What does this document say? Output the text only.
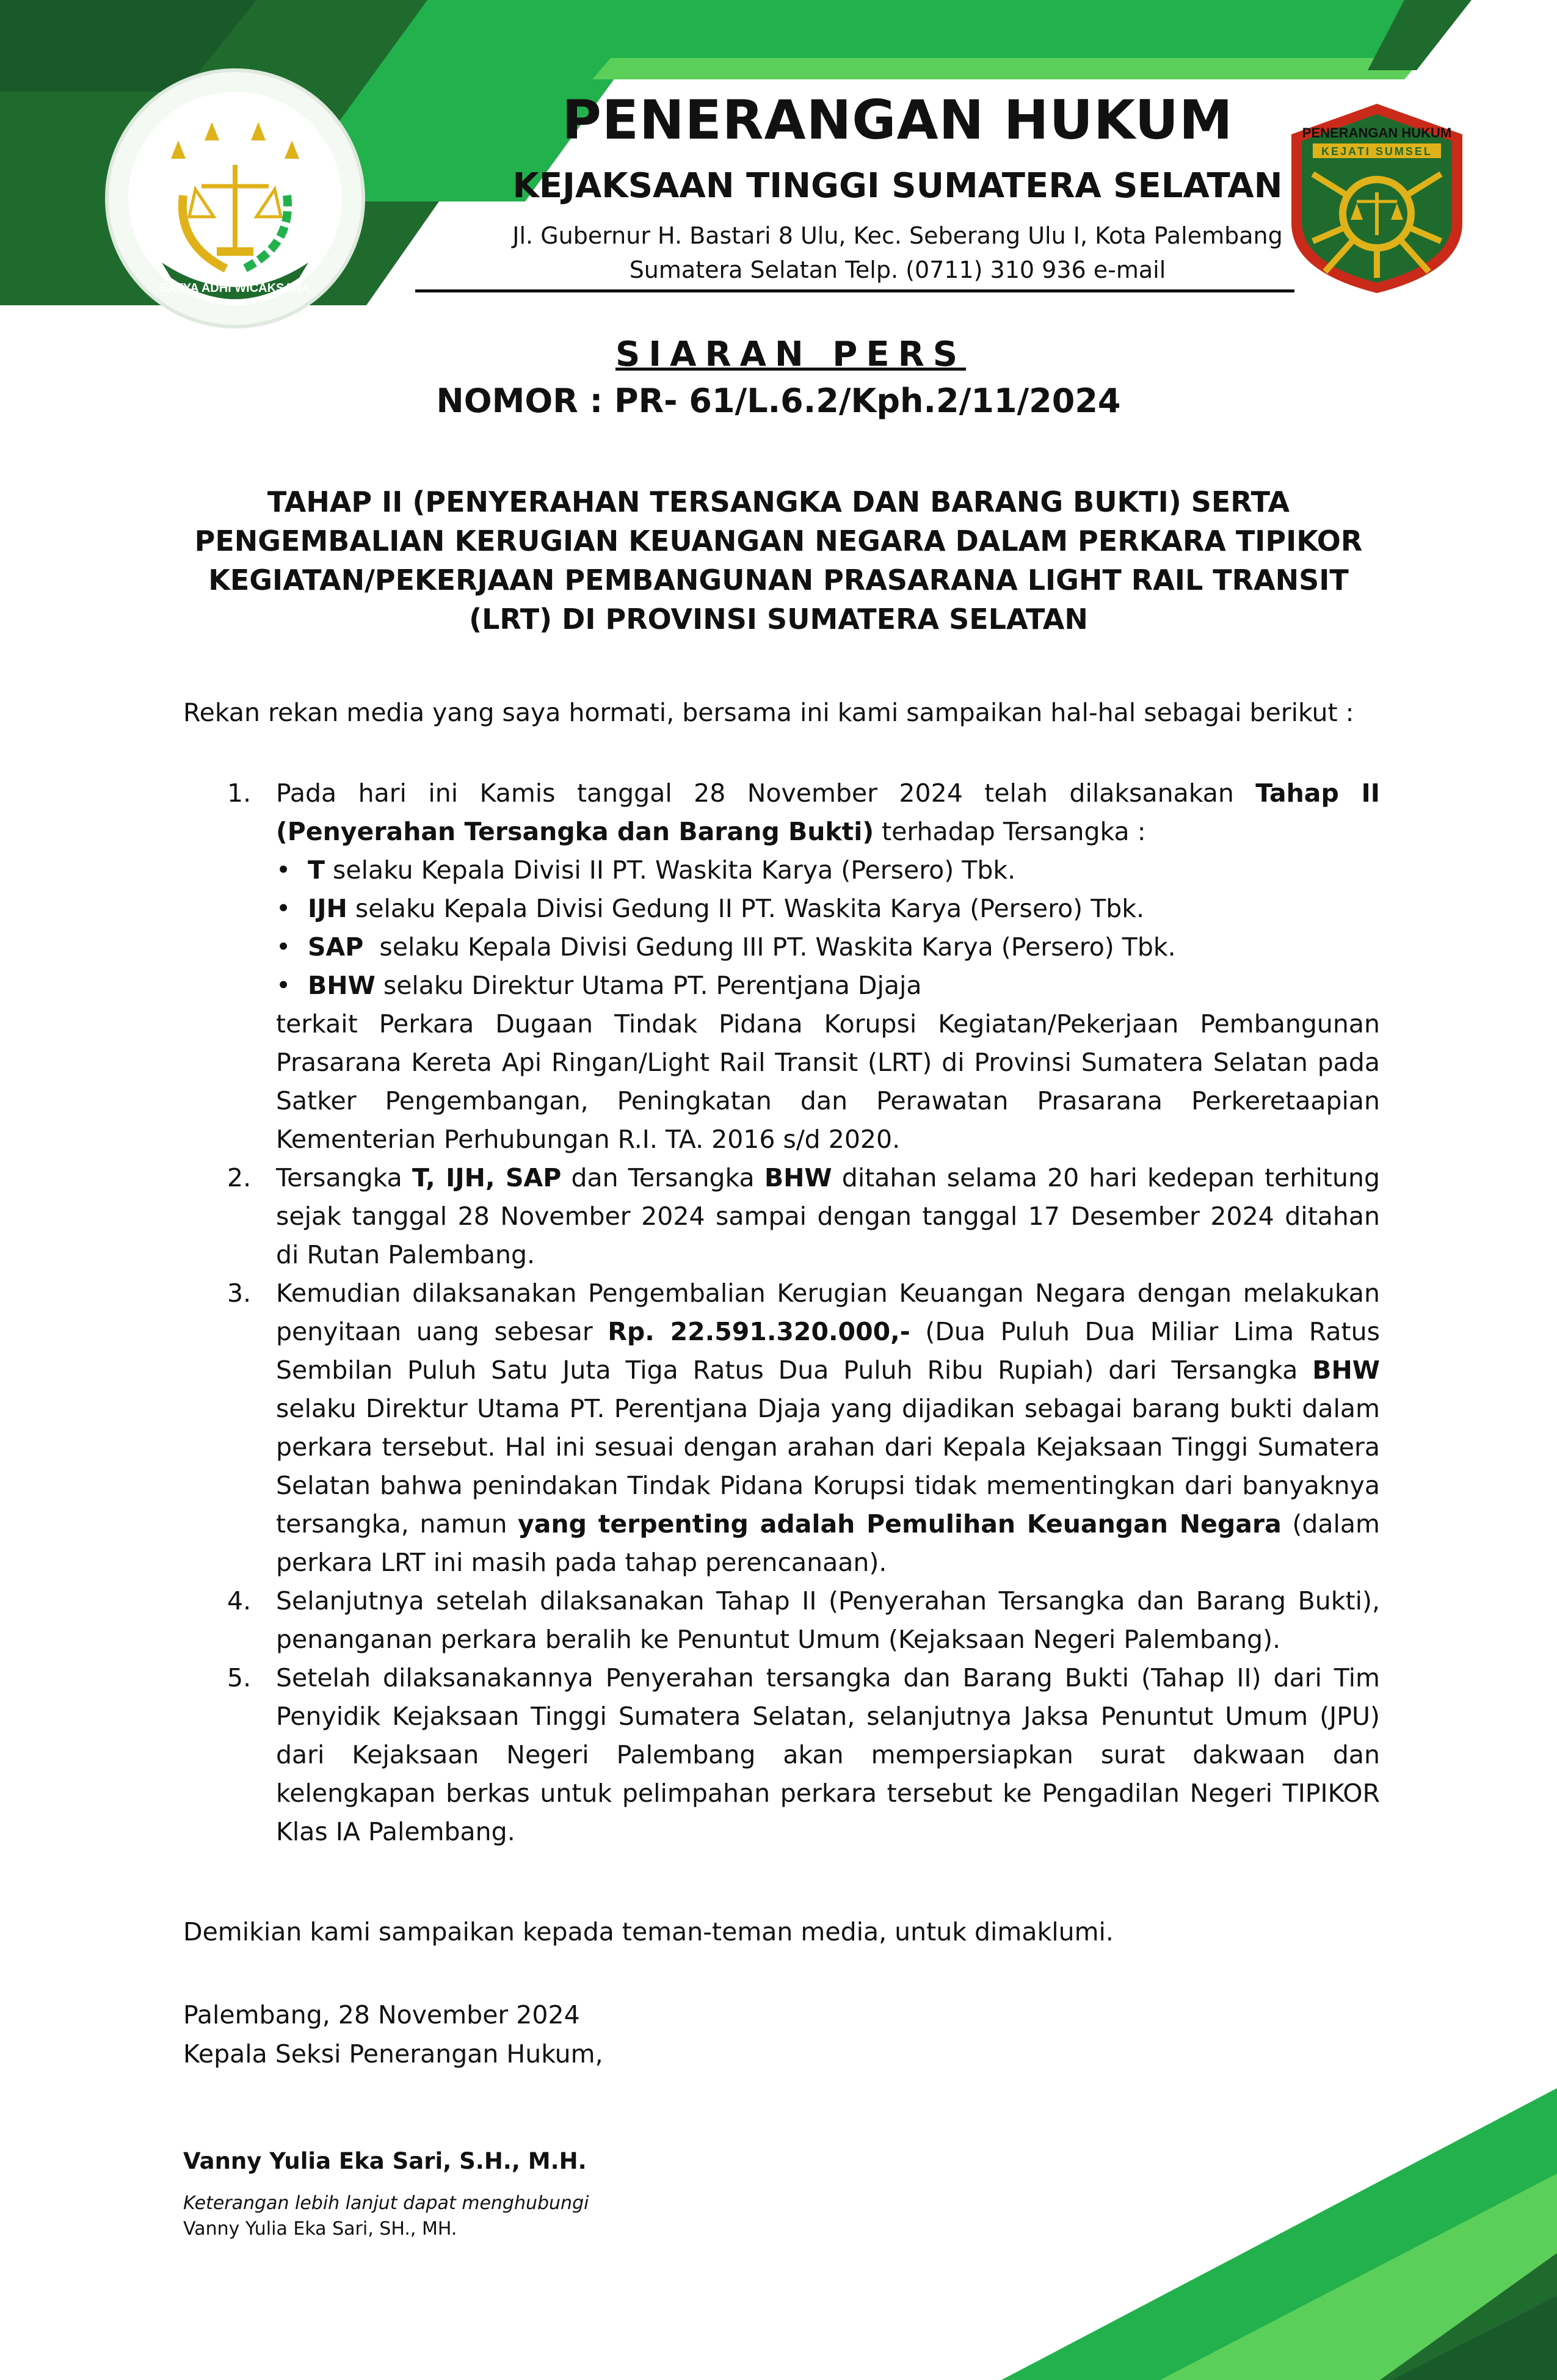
SATYA ADHI WICAKSANA
PENERANGAN HUKUM
KEJATI SUMSEL
PENERANGAN HUKUM
KEJAKSAAN TINGGI SUMATERA SELATAN
Jl. Gubernur H. Bastari 8 Ulu, Kec. Seberang Ulu I, Kota Palembang
Sumatera Selatan Telp. (0711) 310 936 e-mail
SIARAN PERS
NOMOR : PR- 61/L.6.2/Kph.2/11/2024
TAHAP II (PENYERAHAN TERSANGKA DAN BARANG BUKTI) SERTA
PENGEMBALIAN KERUGIAN KEUANGAN NEGARA DALAM PERKARA TIPIKOR
KEGIATAN/PEKERJAAN PEMBANGUNAN PRASARANA LIGHT RAIL TRANSIT
(LRT) DI PROVINSI SUMATERA SELATAN
Rekan rekan media yang saya hormati, bersama ini kami sampaikan hal-hal sebagai berikut :
1. Pada hari ini Kamis tanggal 28 November 2024 telah dilaksanakan Tahap II (Penyerahan Tersangka dan Barang Bukti) terhadap Tersangka :
• T selaku Kepala Divisi II PT. Waskita Karya (Persero) Tbk.
• IJH selaku Kepala Divisi Gedung II PT. Waskita Karya (Persero) Tbk.
• SAP  selaku Kepala Divisi Gedung III PT. Waskita Karya (Persero) Tbk.
• BHW selaku Direktur Utama PT. Perentjana Djaja
terkait Perkara Dugaan Tindak Pidana Korupsi Kegiatan/Pekerjaan Pembangunan Prasarana Kereta Api Ringan/Light Rail Transit (LRT) di Provinsi Sumatera Selatan pada Satker Pengembangan, Peningkatan dan Perawatan Prasarana Perkeretaapian Kementerian Perhubungan R.I. TA. 2016 s/d 2020.
2. Tersangka T, IJH, SAP dan Tersangka BHW ditahan selama 20 hari kedepan terhitung sejak tanggal 28 November 2024 sampai dengan tanggal 17 Desember 2024 ditahan di Rutan Palembang.
3. Kemudian dilaksanakan Pengembalian Kerugian Keuangan Negara dengan melakukan penyitaan uang sebesar Rp. 22.591.320.000,- (Dua Puluh Dua Miliar Lima Ratus Sembilan Puluh Satu Juta Tiga Ratus Dua Puluh Ribu Rupiah) dari Tersangka BHW selaku Direktur Utama PT. Perentjana Djaja yang dijadikan sebagai barang bukti dalam perkara tersebut. Hal ini sesuai dengan arahan dari Kepala Kejaksaan Tinggi Sumatera Selatan bahwa penindakan Tindak Pidana Korupsi tidak mementingkan dari banyaknya tersangka, namun yang terpenting adalah Pemulihan Keuangan Negara (dalam perkara LRT ini masih pada tahap perencanaan).
4. Selanjutnya setelah dilaksanakan Tahap II (Penyerahan Tersangka dan Barang Bukti), penanganan perkara beralih ke Penuntut Umum (Kejaksaan Negeri Palembang).
5. Setelah dilaksanakannya Penyerahan tersangka dan Barang Bukti (Tahap II) dari Tim Penyidik Kejaksaan Tinggi Sumatera Selatan, selanjutnya Jaksa Penuntut Umum (JPU) dari Kejaksaan Negeri Palembang akan mempersiapkan surat dakwaan dan kelengkapan berkas untuk pelimpahan perkara tersebut ke Pengadilan Negeri TIPIKOR Klas IA Palembang.
Demikian kami sampaikan kepada teman-teman media, untuk dimaklumi.
Palembang, 28 November 2024
Kepala Seksi Penerangan Hukum,
Vanny Yulia Eka Sari, S.H., M.H.
Keterangan lebih lanjut dapat menghubungi
Vanny Yulia Eka Sari, SH., MH.
